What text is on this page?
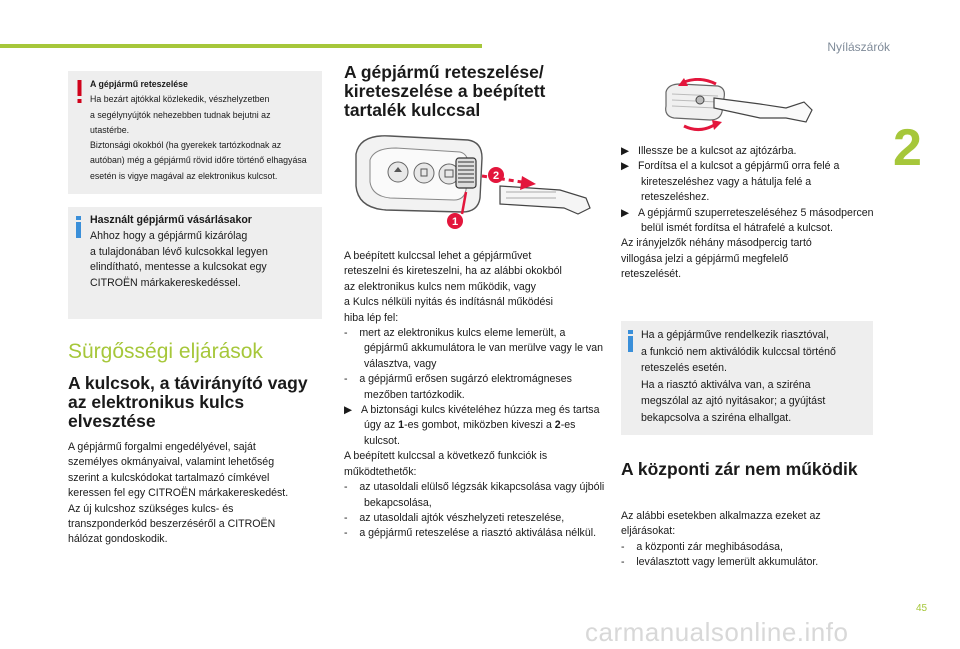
Nyílászárók
2
45
A gépjármű reteszelése
Ha bezárt ajtókkal közlekedik, vészhelyzetben
a segélynyújtók nehezebben tudnak bejutni az
utastérbe.
Biztonsági okokból (ha gyerekek tartózkodnak az
autóban) még a gépjármű rövid időre történő elhagyása
esetén is vigye magával az elektronikus kulcsot.
Használt gépjármű vásárlásakor
Ahhoz hogy a gépjármű kizárólag
a tulajdonában lévő kulcsokkal legyen
elindítható, mentesse a kulcsokat egy
CITROËN márkakereskedéssel.
Sürgősségi eljárások
A kulcsok, a távirányító vagy az elektronikus kulcs elvesztése
A gépjármű forgalmi engedélyével, saját
személyes okmányaival, valamint lehetőség
szerint a kulcskódokat tartalmazó címkével
keressen fel egy CITROËN márkakereskedést.
Az új kulcshoz szükséges kulcs- és
transzponderkód beszerzéséről a CITROËN
hálózat gondoskodik.
A gépjármű reteszelése/ kireteszelése a beépített tartalék kulccsal
2
1
A beépített kulccsal lehet a gépjárművet
reteszelni és kireteszelni, ha az alábbi okokból
az elektronikus kulcs nem működik, vagy
a Kulcs nélküli nyitás és indításnál működési
hiba lép fel:
- mert az elektronikus kulcs eleme lemerült, a gépjármű akkumulátora le van merülve vagy le van választva, vagy
- a gépjármű erősen sugárzó elektromágneses mezőben tartózkodik.
▶︎ A biztonsági kulcs kivételéhez húzza meg és tartsa úgy az 1-es gombot, miközben kiveszi a 2-es kulcsot.
A beépített kulccsal a következő funkciók is
működtethetők:
- az utasoldali elülső légzsák kikapcsolása vagy újbóli bekapcsolása,
- az utasoldali ajtók vészhelyzeti reteszelése,
- a gépjármű reteszelése a riasztó aktiválása nélkül.
▶︎ Illessze be a kulcsot az ajtózárba.
▶︎ Fordítsa el a kulcsot a gépjármű orra felé a kireteszeléshez vagy a hátulja felé a reteszeléshez.
▶︎ A gépjármű szuperreteszeléséhez 5 másodpercen belül ismét fordítsa el hátrafelé a kulcsot.
Az irányjelzők néhány másodpercig tartó
villogása jelzi a gépjármű megfelelő
reteszelését.
Ha a gépjárműve rendelkezik riasztóval,
a funkció nem aktiválódik kulccsal történő
reteszelés esetén.
Ha a riasztó aktiválva van, a sziréna
megszólal az ajtó nyitásakor; a gyújtást
bekapcsolva a sziréna elhallgat.
A központi zár nem működik
Az alábbi esetekben alkalmazza ezeket az
eljárásokat:
- a központi zár meghibásodása,
- leválasztott vagy lemerült akkumulátor.
carmanualsonline.info
